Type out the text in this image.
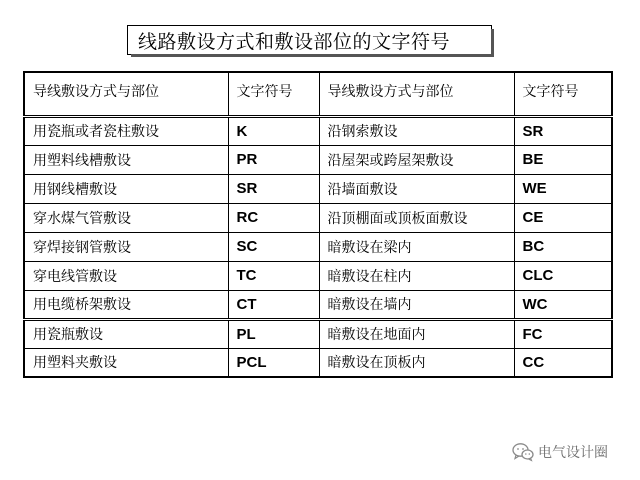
线路敷设方式和敷设部位的文字符号
导线敷设方式与部位	文字符号	导线敷设方式与部位	文字符号
用瓷瓶或者瓷柱敷设	K	沿钢索敷设	SR
用塑料线槽敷设	PR	沿屋架或跨屋架敷设	BE
用钢线槽敷设	SR	沿墙面敷设	WE
穿水煤气管敷设	RC	沿顶棚面或顶板面敷设	CE
穿焊接钢管敷设	SC	暗敷设在梁内	BC
穿电线管敷设	TC	暗敷设在柱内	CLC
用电缆桥架敷设	CT	暗敷设在墙内	WC
用瓷瓶敷设	PL	暗敷设在地面内	FC
用塑料夹敷设	PCL	暗敷设在顶板内	CC
电气设计圈
